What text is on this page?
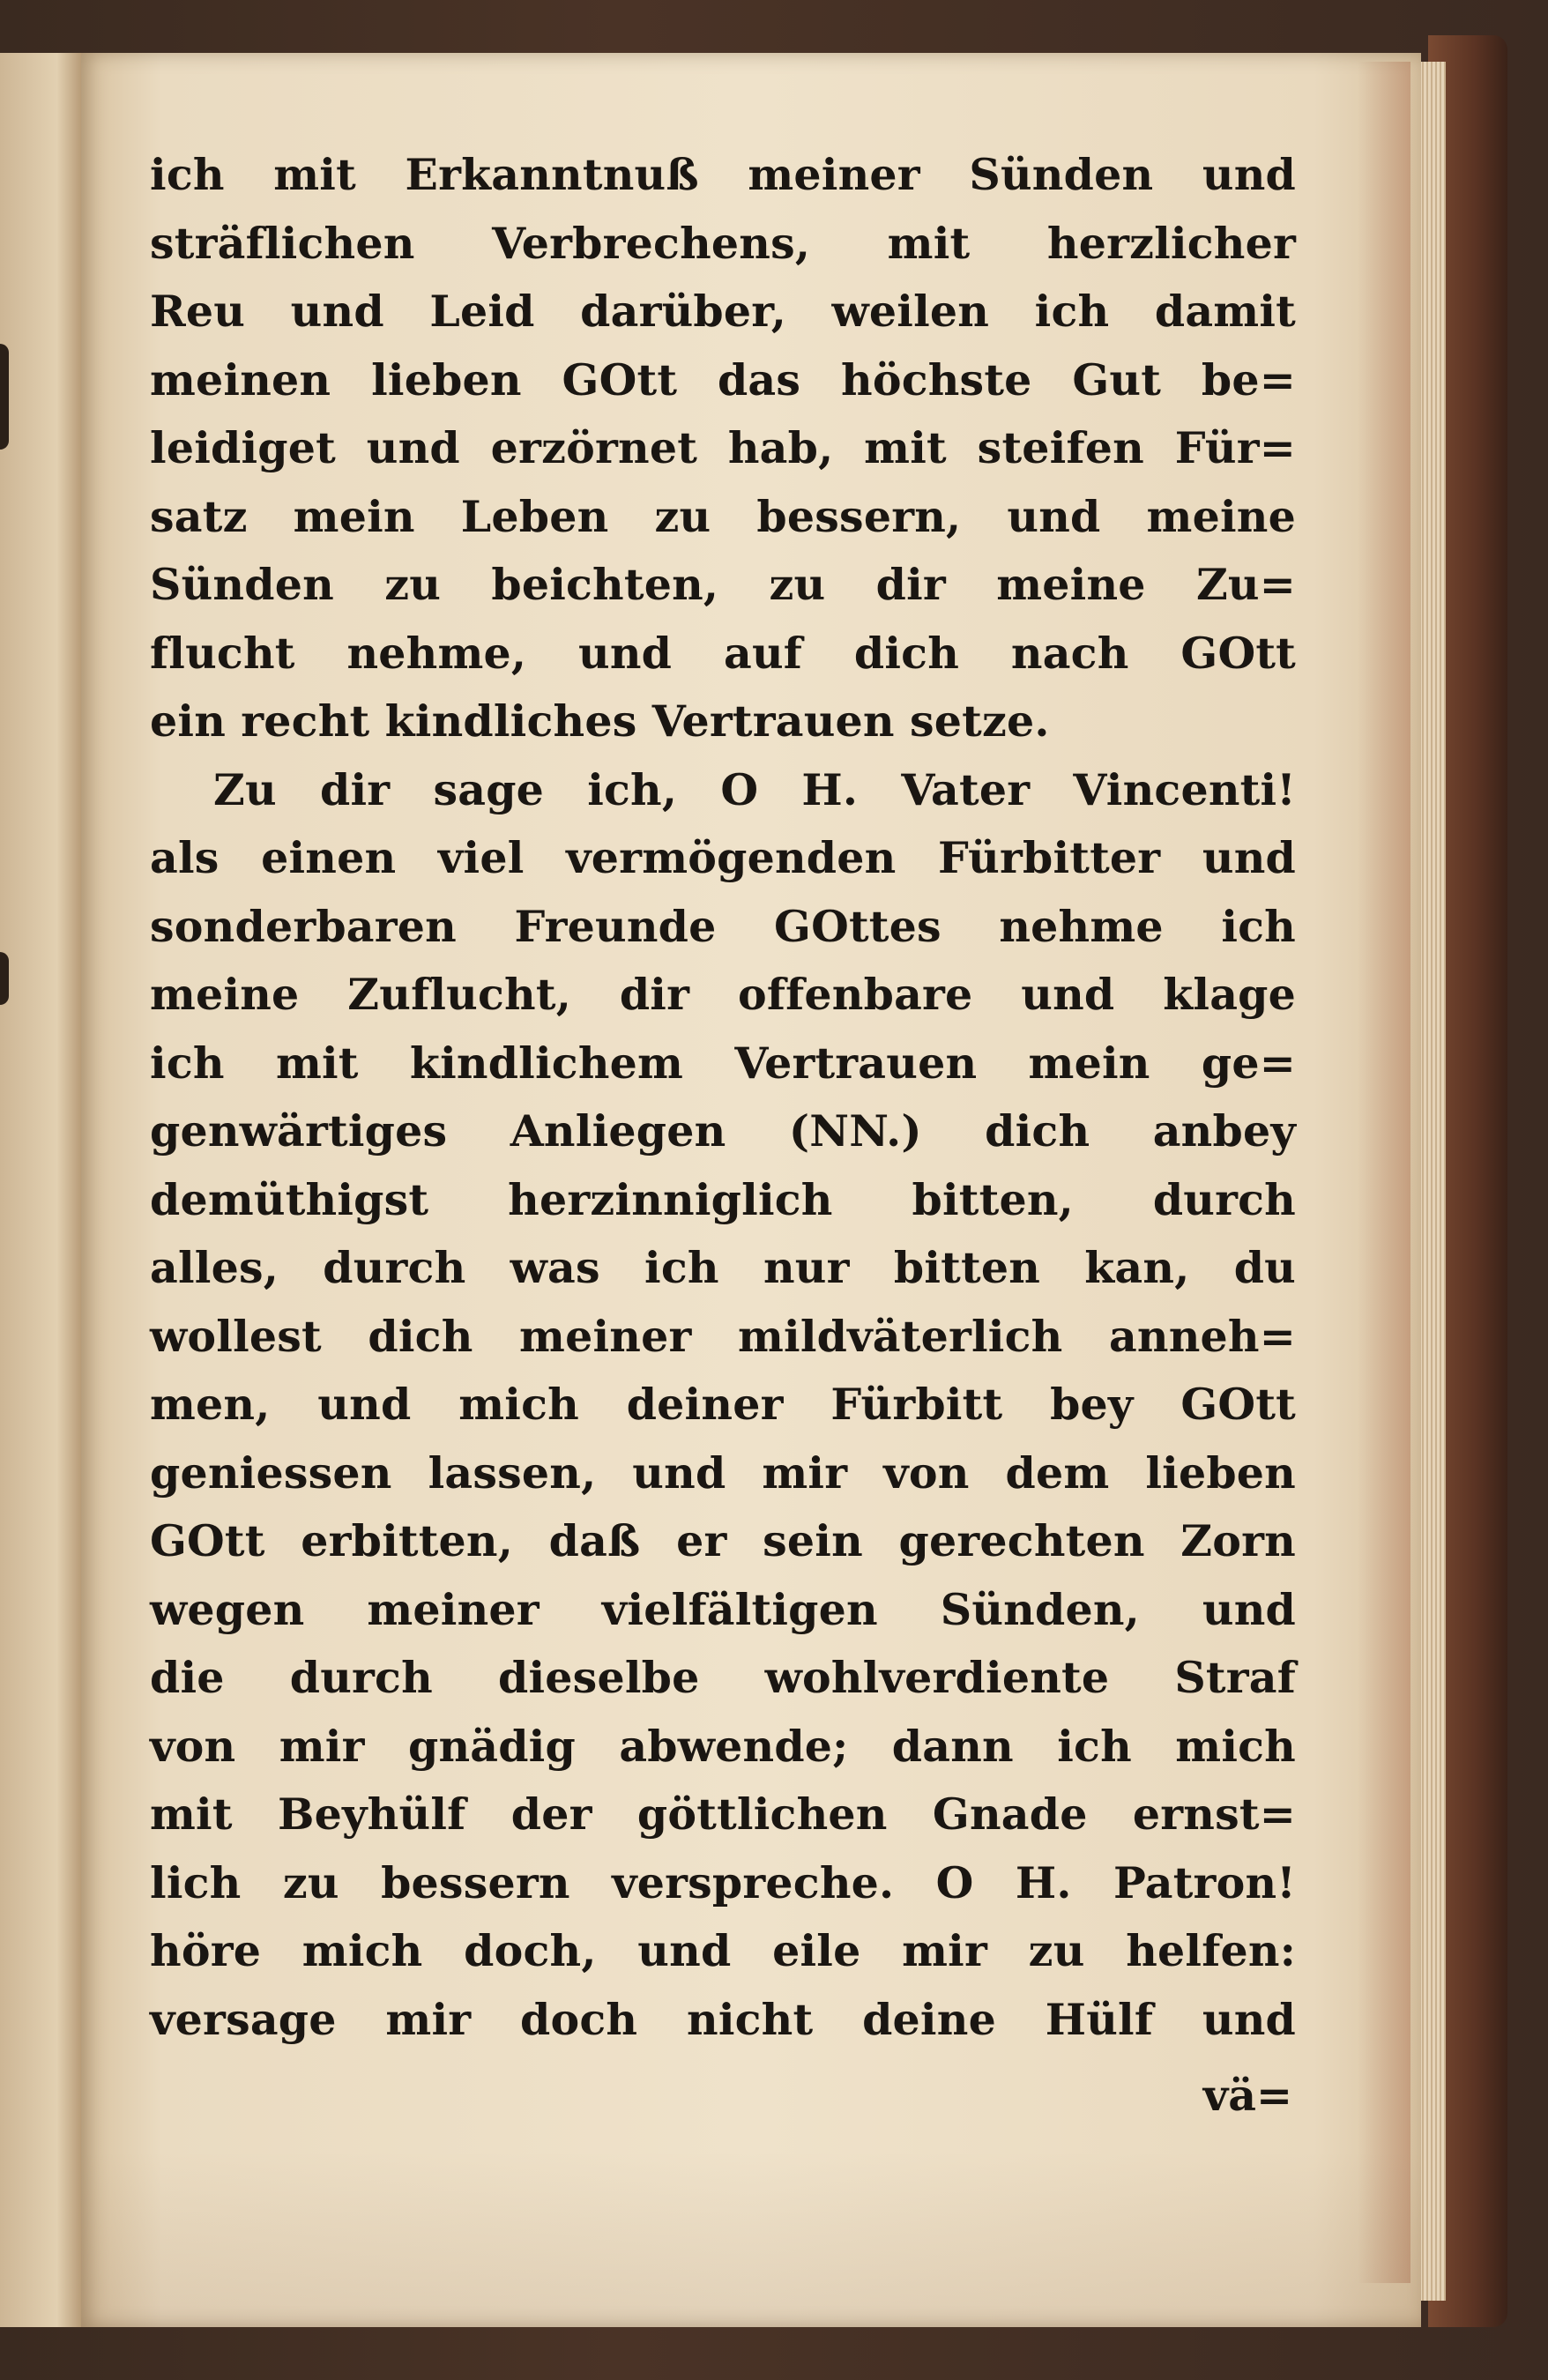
ich mit Erkanntnuß meiner Sünden und
sträflichen Verbrechens, mit herzlicher
Reu und Leid darüber, weilen ich damit
meinen lieben GOtt das höchste Gut be=
leidiget und erzörnet hab, mit steifen Für=
satz mein Leben zu bessern, und meine
Sünden zu beichten, zu dir meine Zu=
flucht nehme, und auf dich nach GOtt
ein recht kindliches Vertrauen setze.
Zu dir sage ich, O H. Vater Vincenti!
als einen viel vermögenden Fürbitter und
sonderbaren Freunde GOttes nehme ich
meine Zuflucht, dir offenbare und klage
ich mit kindlichem Vertrauen mein ge=
genwärtiges Anliegen (NN.) dich anbey
demüthigst herzinniglich bitten, durch
alles, durch was ich nur bitten kan, du
wollest dich meiner mildväterlich anneh=
men, und mich deiner Fürbitt bey GOtt
geniessen lassen, und mir von dem lieben
GOtt erbitten, daß er sein gerechten Zorn
wegen meiner vielfältigen Sünden, und
die durch dieselbe wohlverdiente Straf
von mir gnädig abwende; dann ich mich
mit Beyhülf der göttlichen Gnade ernst=
lich zu bessern verspreche. O H. Patron!
höre mich doch, und eile mir zu helfen:
versage mir doch nicht deine Hülf und
vä=
